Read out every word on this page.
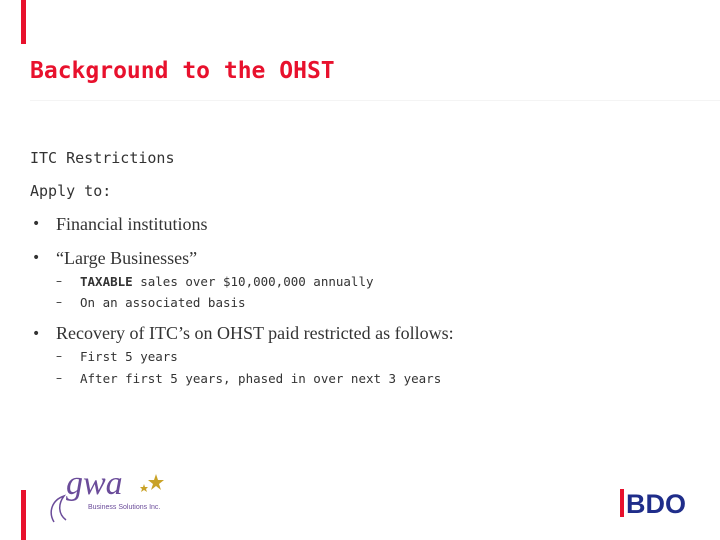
Background to the OHST
ITC Restrictions
Apply to:
• Financial institutions
• “Large Businesses”
– TAXABLE sales over $10,000,000 annually
– On an associated basis
• Recovery of ITC’s on OHST paid restricted as follows:
– First 5 years
– After first 5 years, phased in over next 3 years
gwa
Business Solutions Inc.	BDO
